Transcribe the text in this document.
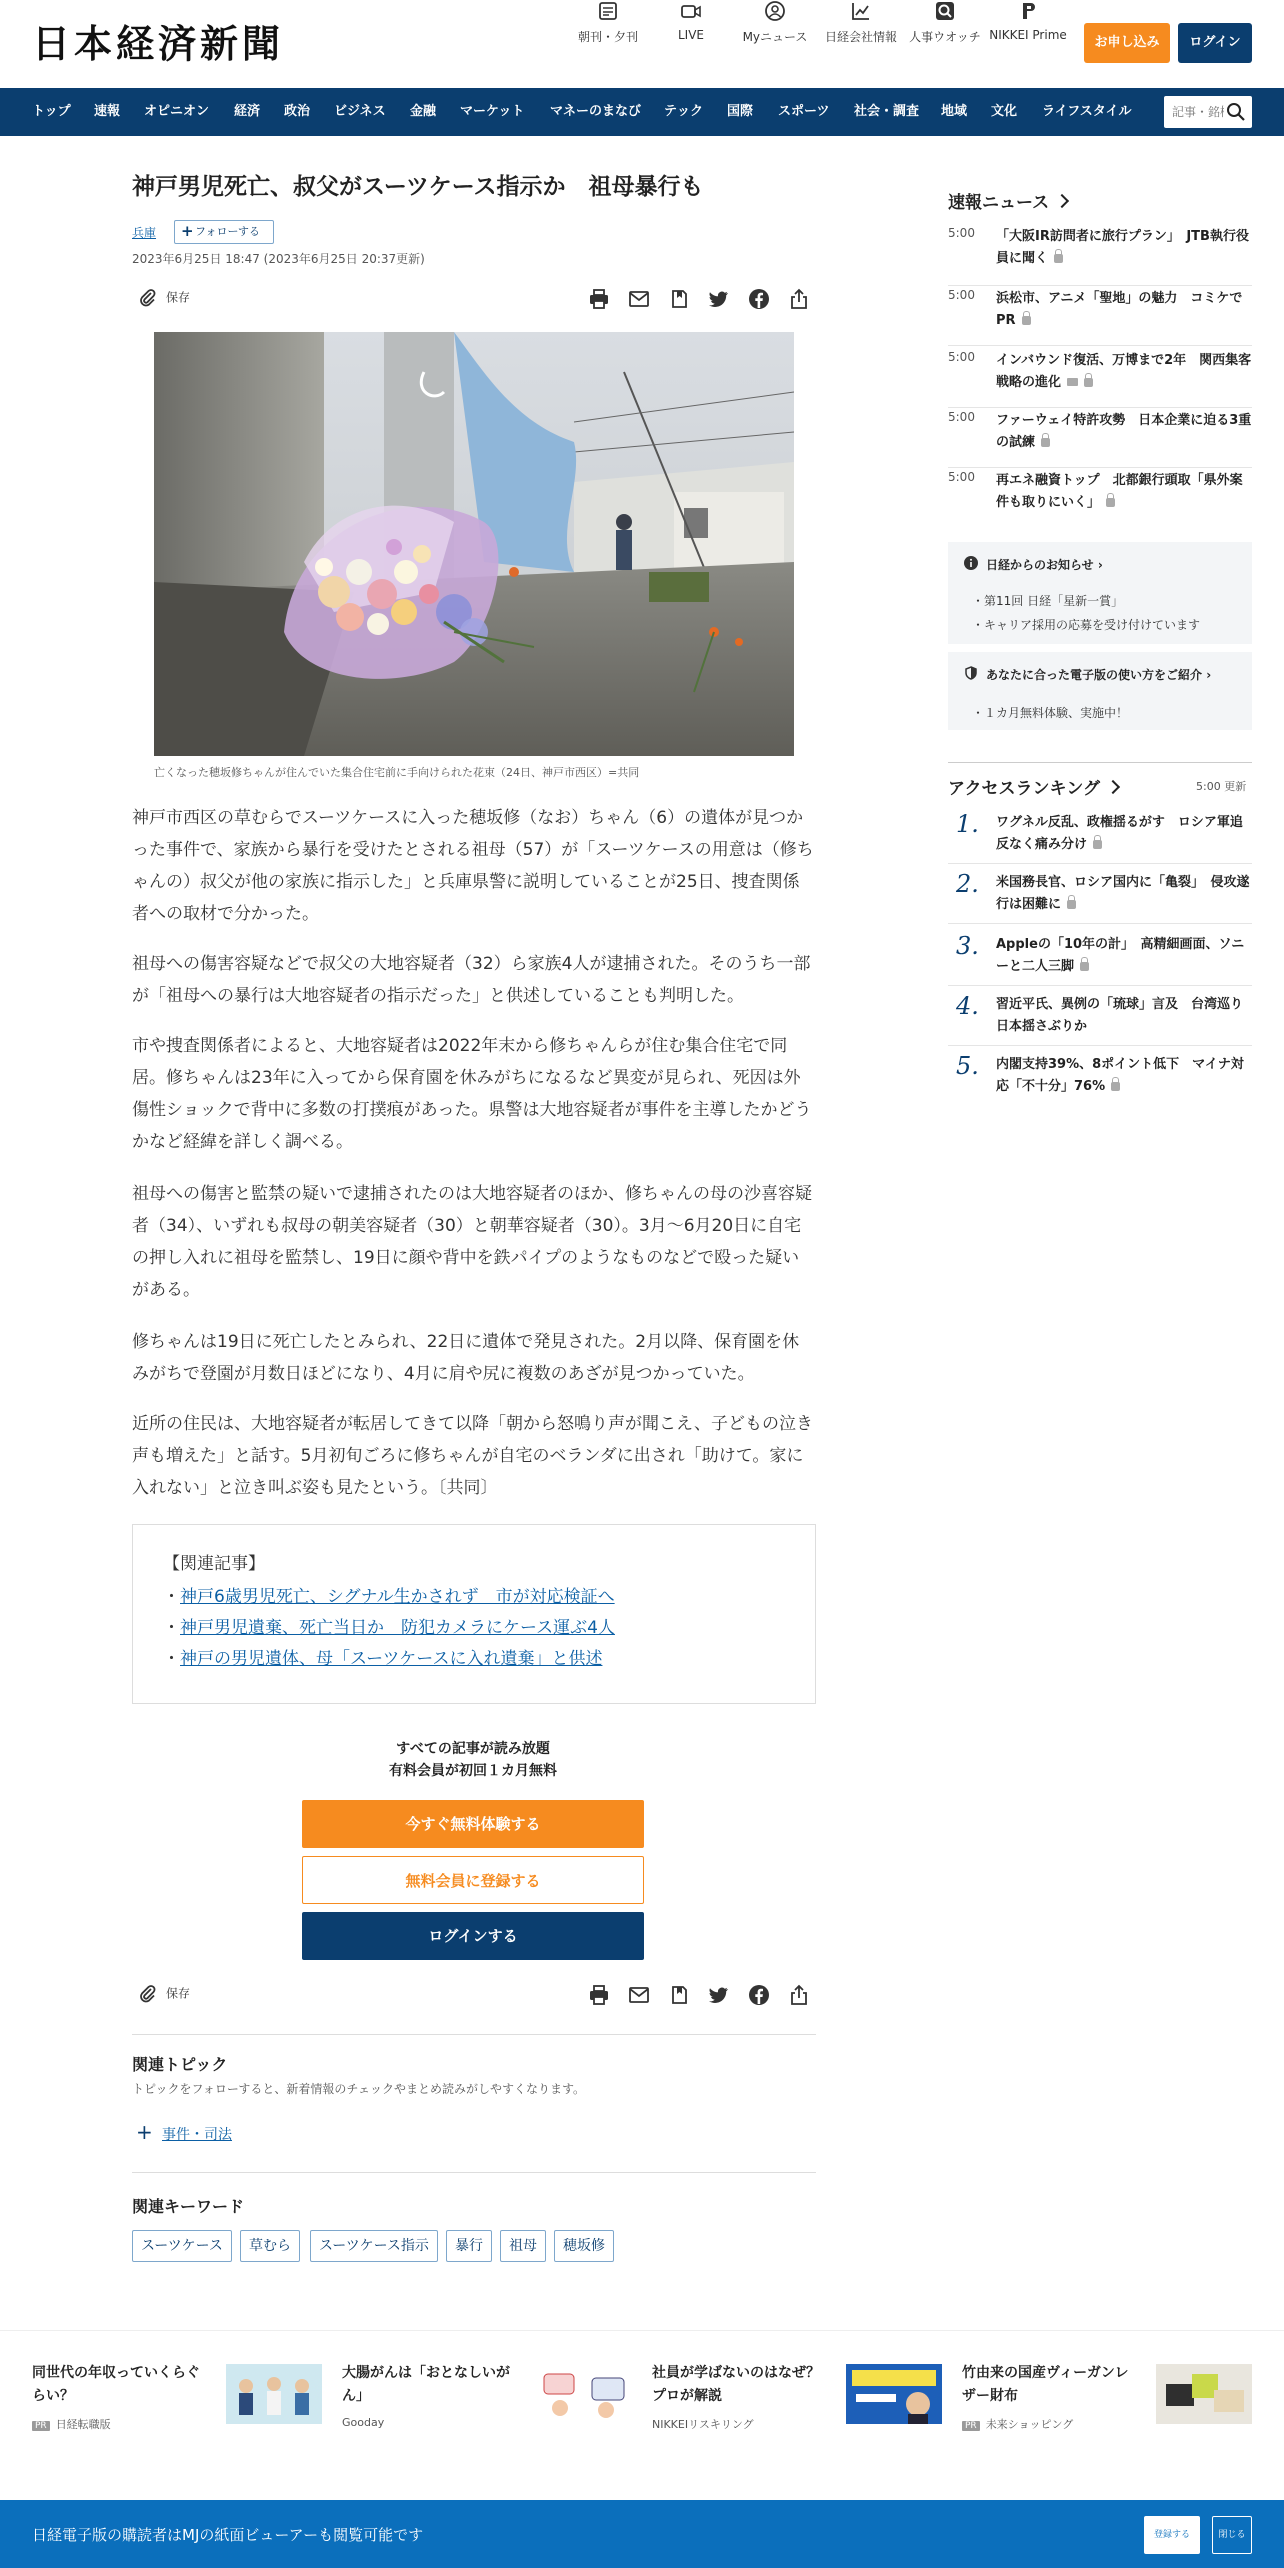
日本経済新聞	朝刊・夕刊	LIVE	Myニュース 日経会社情報 人事ウオッチ NIKKEI Prime	お申し込み	ログイン
トップ 速報 オピニオン 経済 政治 ビジネス 金融 マーケット マネーのまなび テック 国際 スポーツ 社会・調査 地域 文化 ライフスタイル
記事・銘柄
神戸男児死亡、叔父がスーツケース指示か　祖母暴行も
兵庫
+	フォローする
2023年6月25日 18:47 (2023年6月25日 20:37更新)
保存
亡くなった穂坂修ちゃんが住んでいた集合住宅前に手向けられた花束（24日、神戸市西区）=共同

神戸市西区の草むらでスーツケースに入った穂坂修（なお）ちゃん（6）の遺体が見つかった事件で、家族から暴行を受けたとされる祖母（57）が「スーツケースの用意は（修ちゃんの）叔父が他の家族に指示した」と兵庫県警に説明していることが25日、捜査関係者への取材で分かった。

祖母への傷害容疑などで叔父の大地容疑者（32）ら家族4人が逮捕された。そのうち一部が「祖母への暴行は大地容疑者の指示だった」と供述していることも判明した。

市や捜査関係者によると、大地容疑者は2022年末から修ちゃんらが住む集合住宅で同居。修ちゃんは23年に入ってから保育園を休みがちになるなど異変が見られ、死因は外傷性ショックで背中に多数の打撲痕があった。県警は大地容疑者が事件を主導したかどうかなど経緯を詳しく調べる。

祖母への傷害と監禁の疑いで逮捕されたのは大地容疑者のほか、修ちゃんの母の沙喜容疑者（34）、いずれも叔母の朝美容疑者（30）と朝華容疑者（30）。3月～6月20日に自宅の押し入れに祖母を監禁し、19日に顔や背中を鉄パイプのようなものなどで殴った疑いがある。

修ちゃんは19日に死亡したとみられ、22日に遺体で発見された。2月以降、保育園を休みがちで登園が月数日ほどになり、4月に肩や尻に複数のあざが見つかっていた。

近所の住民は、大地容疑者が転居してきて以降「朝から怒鳴り声が聞こえ、子どもの泣き声も増えた」と話す。5月初旬ごろに修ちゃんが自宅のベランダに出され「助けて。家に入れない」と泣き叫ぶ姿も見たという。〔共同〕

【関連記事】
・ 神戸6歳男児死亡、シグナル生かされず　市が対応検証へ
・ 神戸男児遺棄、死亡当日か　防犯カメラにケース運ぶ4人
・ 神戸の男児遺体、母「スーツケースに入れ遺棄」と供述
すべての記事が読み放題
有料会員が初回１カ月無料
今すぐ無料体験する
無料会員に登録する
ログインする
保存
関連トピック
トピックをフォローすると、新着情報のチェックやまとめ読みがしやすくなります。
+ 事件・司法
関連キーワード
スーツケース	草むら	スーツケース指示	暴行	祖母	穂坂修
速報ニュース
5:00 「大阪IR訪問者に旅行プラン」　JTB執行役員に聞く
5:00 浜松市、アニメ「聖地」の魅力　コミケでPR
5:00 インバウンド復活、万博まで2年　関西集客戦略の進化
5:00 ファーウェイ特許攻勢　日本企業に迫る3重の試練
5:00 再エネ融資トップ　北都銀行頭取「県外案件も取りにいく」
日経からのお知らせ ›
・ 第11回 日経「星新一賞」
・ キャリア採用の応募を受け付けています
あなたに合った電子版の使い方をご紹介 ›
・ １カ月無料体験、実施中！
アクセスランキング	5:00 更新
1. ワグネル反乱、政権揺るがす　ロシア軍追反なく痛み分け
2. 米国務長官、ロシア国内に「亀裂」　侵攻遂行は困難に
3. Appleの「10年の計」　高精細画面、ソニーと二人三脚
4. 習近平氏、異例の「琉球」言及　台湾巡り日本揺さぶりか
5. 内閣支持39%、8ポイント低下　マイナ対応「不十分」76%
同世代の年収っていくらぐらい？
PR 日経転職版
大腸がんは「おとなしいがん」
Gooday
社員が学ばないのはなぜ？プロが解説
NIKKEIリスキリング
竹由来の国産ヴィーガンレザー財布
PR 未来ショッピング
日経電子版の購読者はMJの紙面ビューアーも閲覧可能です	登録する	閉じる
